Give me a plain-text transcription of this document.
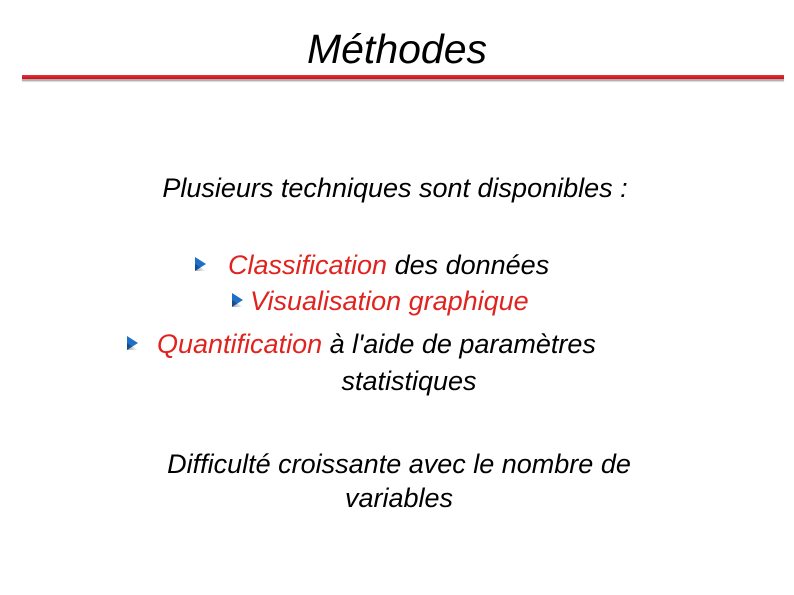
Méthodes
Plusieurs techniques sont disponibles :
Classification des données
Visualisation graphique
Quantification à l'aide de paramètres
statistiques
Difficulté croissante avec le nombre de
variables
